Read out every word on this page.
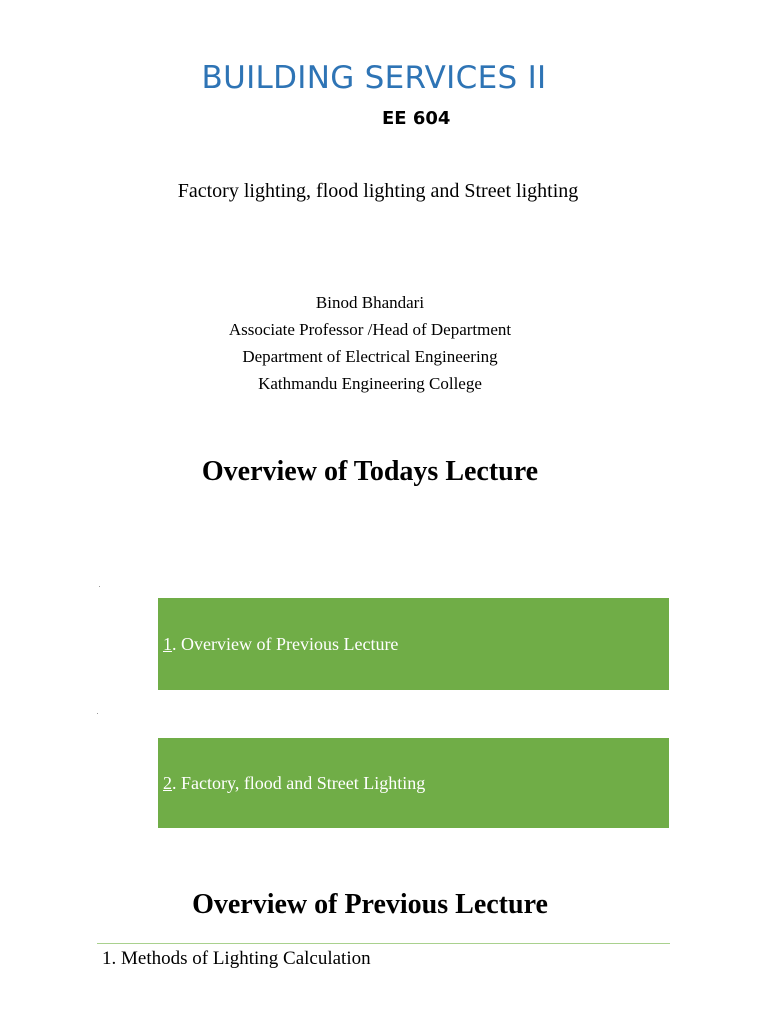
BUILDING SERVICES II
EE 604
Factory lighting, flood lighting and Street lighting
Binod Bhandari
Associate Professor /Head of Department
Department of Electrical Engineering
Kathmandu Engineering College
Overview of Todays Lecture
1 . Overview of Previous Lecture
2 . Factory, flood and Street Lighting
Overview of Previous Lecture
1. Methods of Lighting Calculation
